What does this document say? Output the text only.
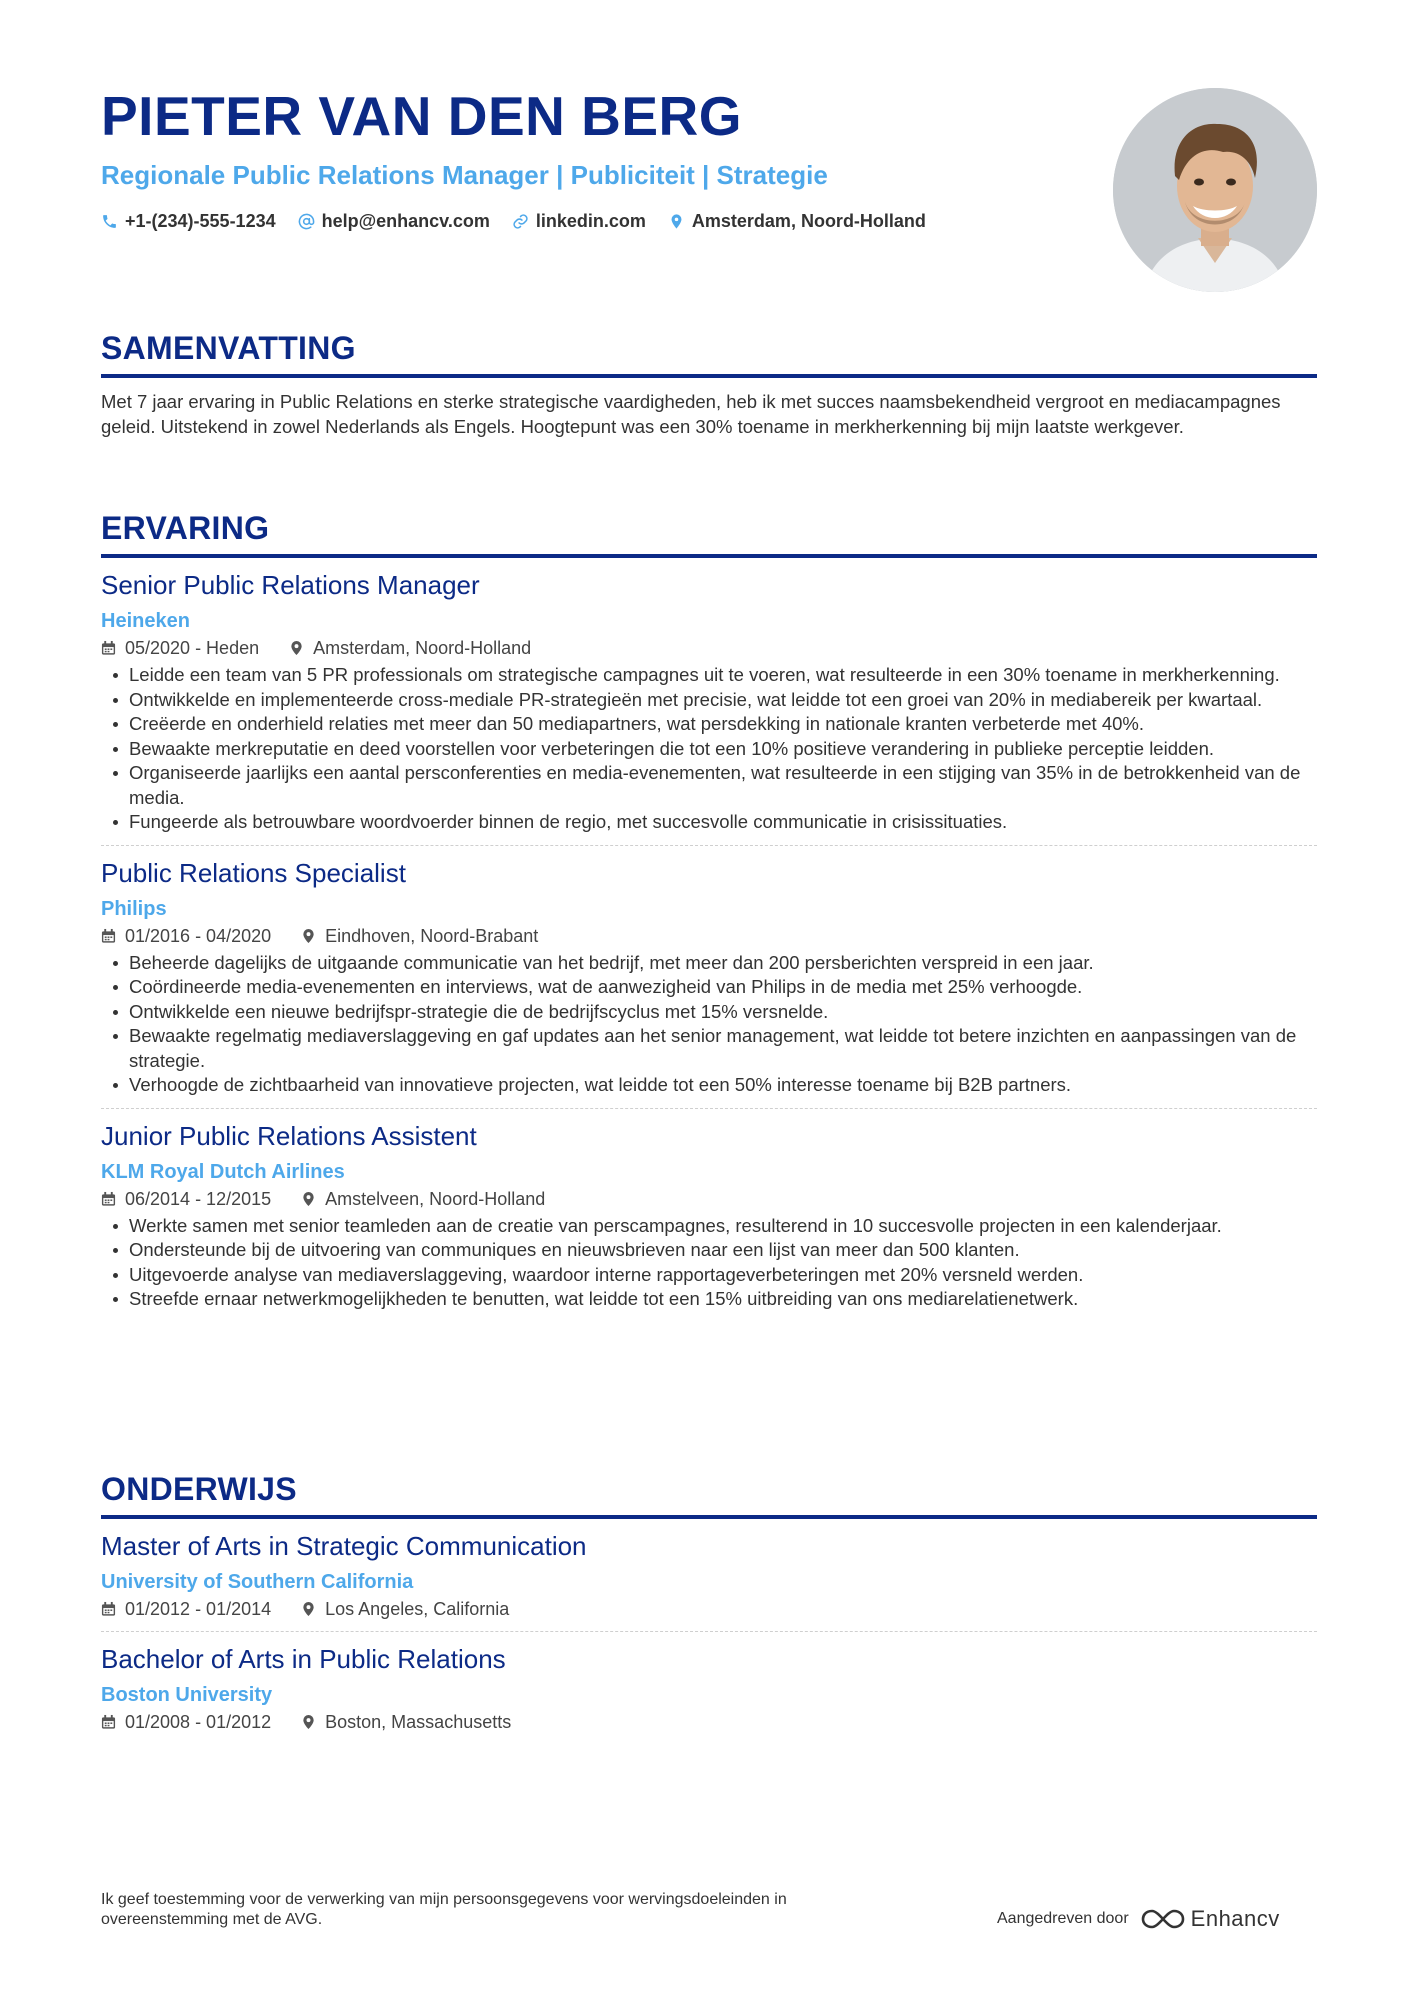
PIETER VAN DEN BERG
Regionale Public Relations Manager | Publiciteit | Strategie
+1-(234)-555-1234	help@enhancv.com	linkedin.com	Amsterdam, Noord-Holland
SAMENVATTING
Met 7 jaar ervaring in Public Relations en sterke strategische vaardigheden, heb ik met succes naamsbekendheid vergroot en mediacampagnes geleid. Uitstekend in zowel Nederlands als Engels. Hoogtepunt was een 30% toename in merkherkenning bij mijn laatste werkgever.
ERVARING
Senior Public Relations Manager
Heineken
05/2020 - Heden	Amsterdam, Noord-Holland
Leidde een team van 5 PR professionals om strategische campagnes uit te voeren, wat resulteerde in een 30% toename in merkherkenning.
Ontwikkelde en implementeerde cross-mediale PR-strategieën met precisie, wat leidde tot een groei van 20% in mediabereik per kwartaal.
Creëerde en onderhield relaties met meer dan 50 mediapartners, wat persdekking in nationale kranten verbeterde met 40%.
Bewaakte merkreputatie en deed voorstellen voor verbeteringen die tot een 10% positieve verandering in publieke perceptie leidden.
Organiseerde jaarlijks een aantal persconferenties en media-evenementen, wat resulteerde in een stijging van 35% in de betrokkenheid van de media.
Fungeerde als betrouwbare woordvoerder binnen de regio, met succesvolle communicatie in crisissituaties.
Public Relations Specialist
Philips
01/2016 - 04/2020	Eindhoven, Noord-Brabant
Beheerde dagelijks de uitgaande communicatie van het bedrijf, met meer dan 200 persberichten verspreid in een jaar.
Coördineerde media-evenementen en interviews, wat de aanwezigheid van Philips in de media met 25% verhoogde.
Ontwikkelde een nieuwe bedrijfspr-strategie die de bedrijfscyclus met 15% versnelde.
Bewaakte regelmatig mediaverslaggeving en gaf updates aan het senior management, wat leidde tot betere inzichten en aanpassingen van de strategie.
Verhoogde de zichtbaarheid van innovatieve projecten, wat leidde tot een 50% interesse toename bij B2B partners.
Junior Public Relations Assistent
KLM Royal Dutch Airlines
06/2014 - 12/2015	Amstelveen, Noord-Holland
Werkte samen met senior teamleden aan de creatie van perscampagnes, resulterend in 10 succesvolle projecten in een kalenderjaar.
Ondersteunde bij de uitvoering van communiques en nieuwsbrieven naar een lijst van meer dan 500 klanten.
Uitgevoerde analyse van mediaverslaggeving, waardoor interne rapportageverbeteringen met 20% versneld werden.
Streefde ernaar netwerkmogelijkheden te benutten, wat leidde tot een 15% uitbreiding van ons mediarelatienetwerk.
ONDERWIJS
Master of Arts in Strategic Communication
University of Southern California
01/2012 - 01/2014	Los Angeles, California
Bachelor of Arts in Public Relations
Boston University
01/2008 - 01/2012	Boston, Massachusetts
Ik geef toestemming voor de verwerking van mijn persoonsgegevens voor wervingsdoeleinden in overeenstemming met de AVG.	Aangedreven door	Enhancv
